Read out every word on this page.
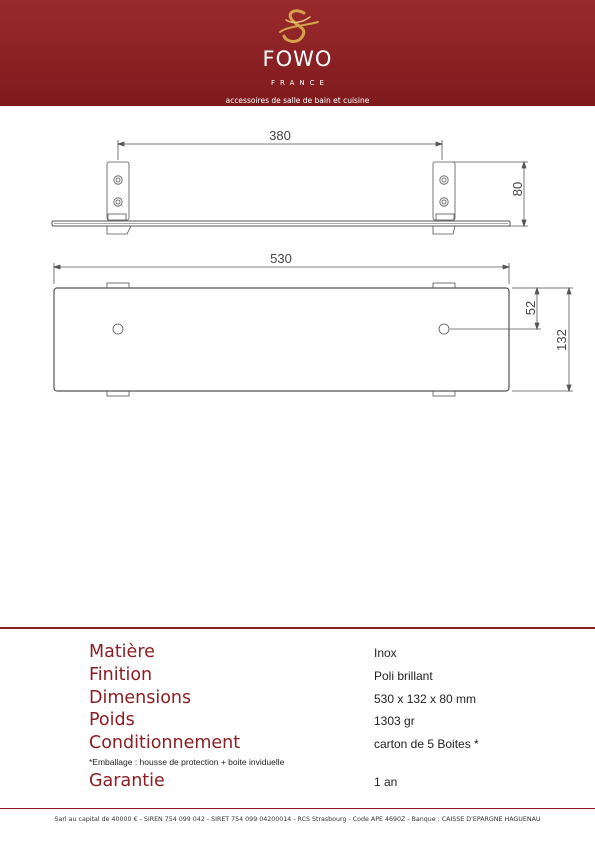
FOWO
FRANCE
accessoires de salle de bain et cuisine
380
80
530
52
132
Matière	Inox
Finition	Poli brillant
Dimensions	530 x 132 x 80 mm
Poids	1303 gr
Conditionnement	carton de 5 Boites *
*Emballage : housse de protection + boite inviduelle
Garantie	1 an
Sarl au capital de 40000 € - SIREN 754 099 042 - SIRET 754 099 04200014 - RCS Strasbourg - Code APE 4690Z - Banque : CAISSE D'EPARGNE HAGUENAU
